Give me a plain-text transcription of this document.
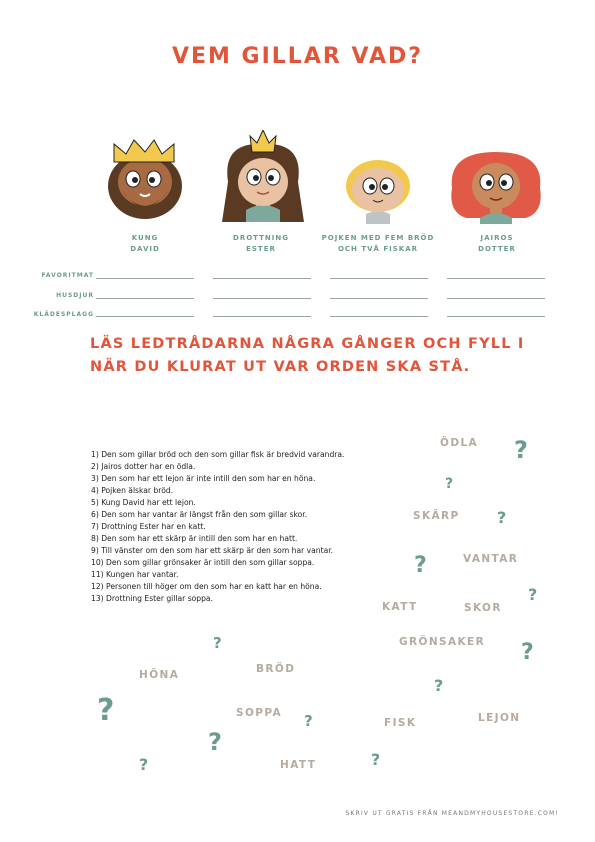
VEM GILLAR VAD?
KUNG
DAVID
DROTTNING
ESTER
POJKEN MED FEM BRÖD
OCH TVÅ FISKAR
JAIROS
DOTTER
FAVORITMAT
HUSDJUR
KLÄDESPLAGG
LÄS LEDTRÅDARNA NÅGRA GÅNGER OCH FYLL I
NÄR DU KLURAT UT VAR ORDEN SKA STÅ.
1) Den som gillar bröd och den som gillar fisk är bredvid varandra.
2) Jairos dotter har en ödla.
3) Den som har ett lejon är inte intill den som har en höna.
4) Pojken älskar bröd.
5) Kung David har ett lejon.
6) Den som har vantar är längst från den som gillar skor.
7) Drottning Ester har en katt.
8) Den som har ett skärp är intill den som har en hatt.
9) Till vänster om den som har ett skärp är den som har vantar.
10) Den som gillar grönsaker är intill den som gillar soppa.
11) Kungen har vantar.
12) Personen till höger om den som har en katt har en höna.
13) Drottning Ester gillar soppa.
ÖDLA
SKÄRP
VANTAR
KATT	SKOR
GRÖNSAKER
HÖNA	BRÖD
SOPPA
FISK	LEJON
HATT
?
?
?
?
?
?
?
?
?	?
?
?
?
SKRIV UT GRATIS FRÅN MEANDMYHOUSESTORE.COM!
